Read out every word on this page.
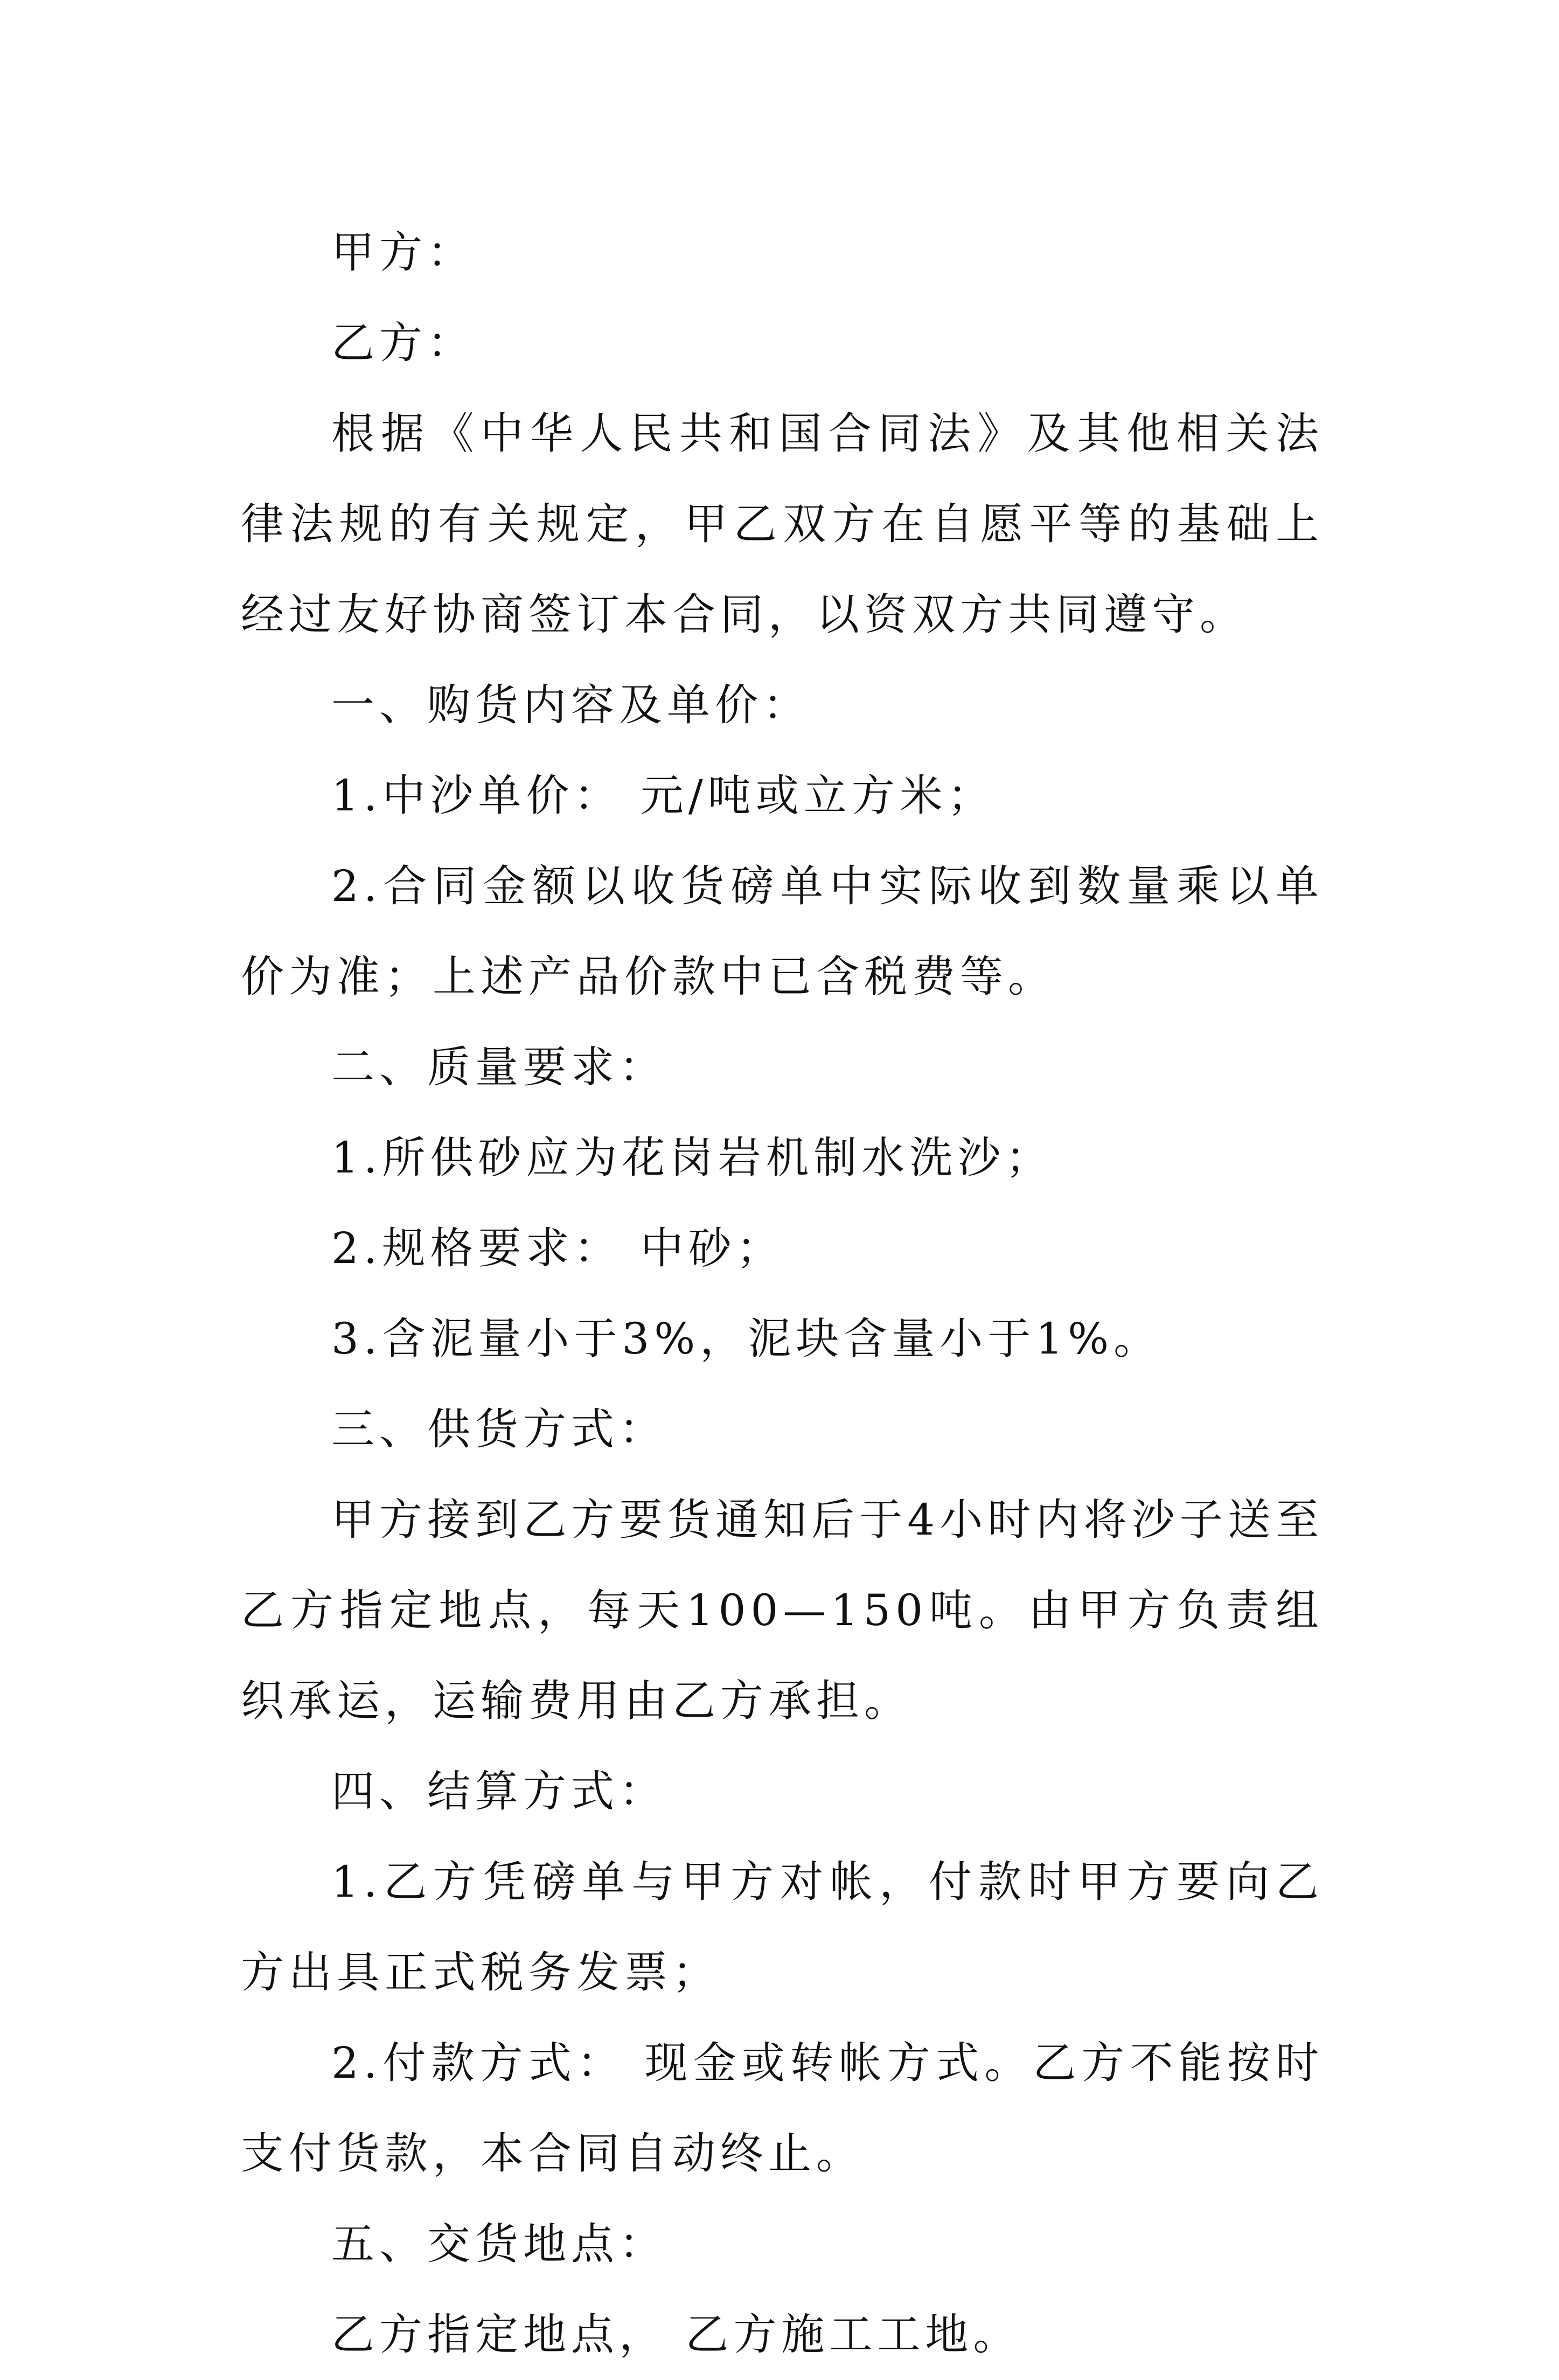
甲方：

乙方：

根据《中华人民共和国合同法》及其他相关法律法规的有关规定，甲乙双方在自愿平等的基础上经过友好协商签订本合同，以资双方共同遵守。

一、购货内容及单价：

1.中沙单价： 元/吨或立方米；

2.合同金额以收货磅单中实际收到数量乘以单价为准；上述产品价款中已含税费等。

二、质量要求：

1.所供砂应为花岗岩机制水洗沙；

2.规格要求： 中砂；

3.含泥量小于3%，泥块含量小于1%。

三、供货方式：

甲方接到乙方要货通知后于4小时内将沙子送至乙方指定地点，每天100—150吨。由甲方负责组织承运，运输费用由乙方承担。

四、结算方式：

1.乙方凭磅单与甲方对帐，付款时甲方要向乙方出具正式税务发票；

2.付款方式： 现金或转帐方式。乙方不能按时支付货款，本合同自动终止。

五、交货地点：

乙方指定地点， 乙方施工工地。
